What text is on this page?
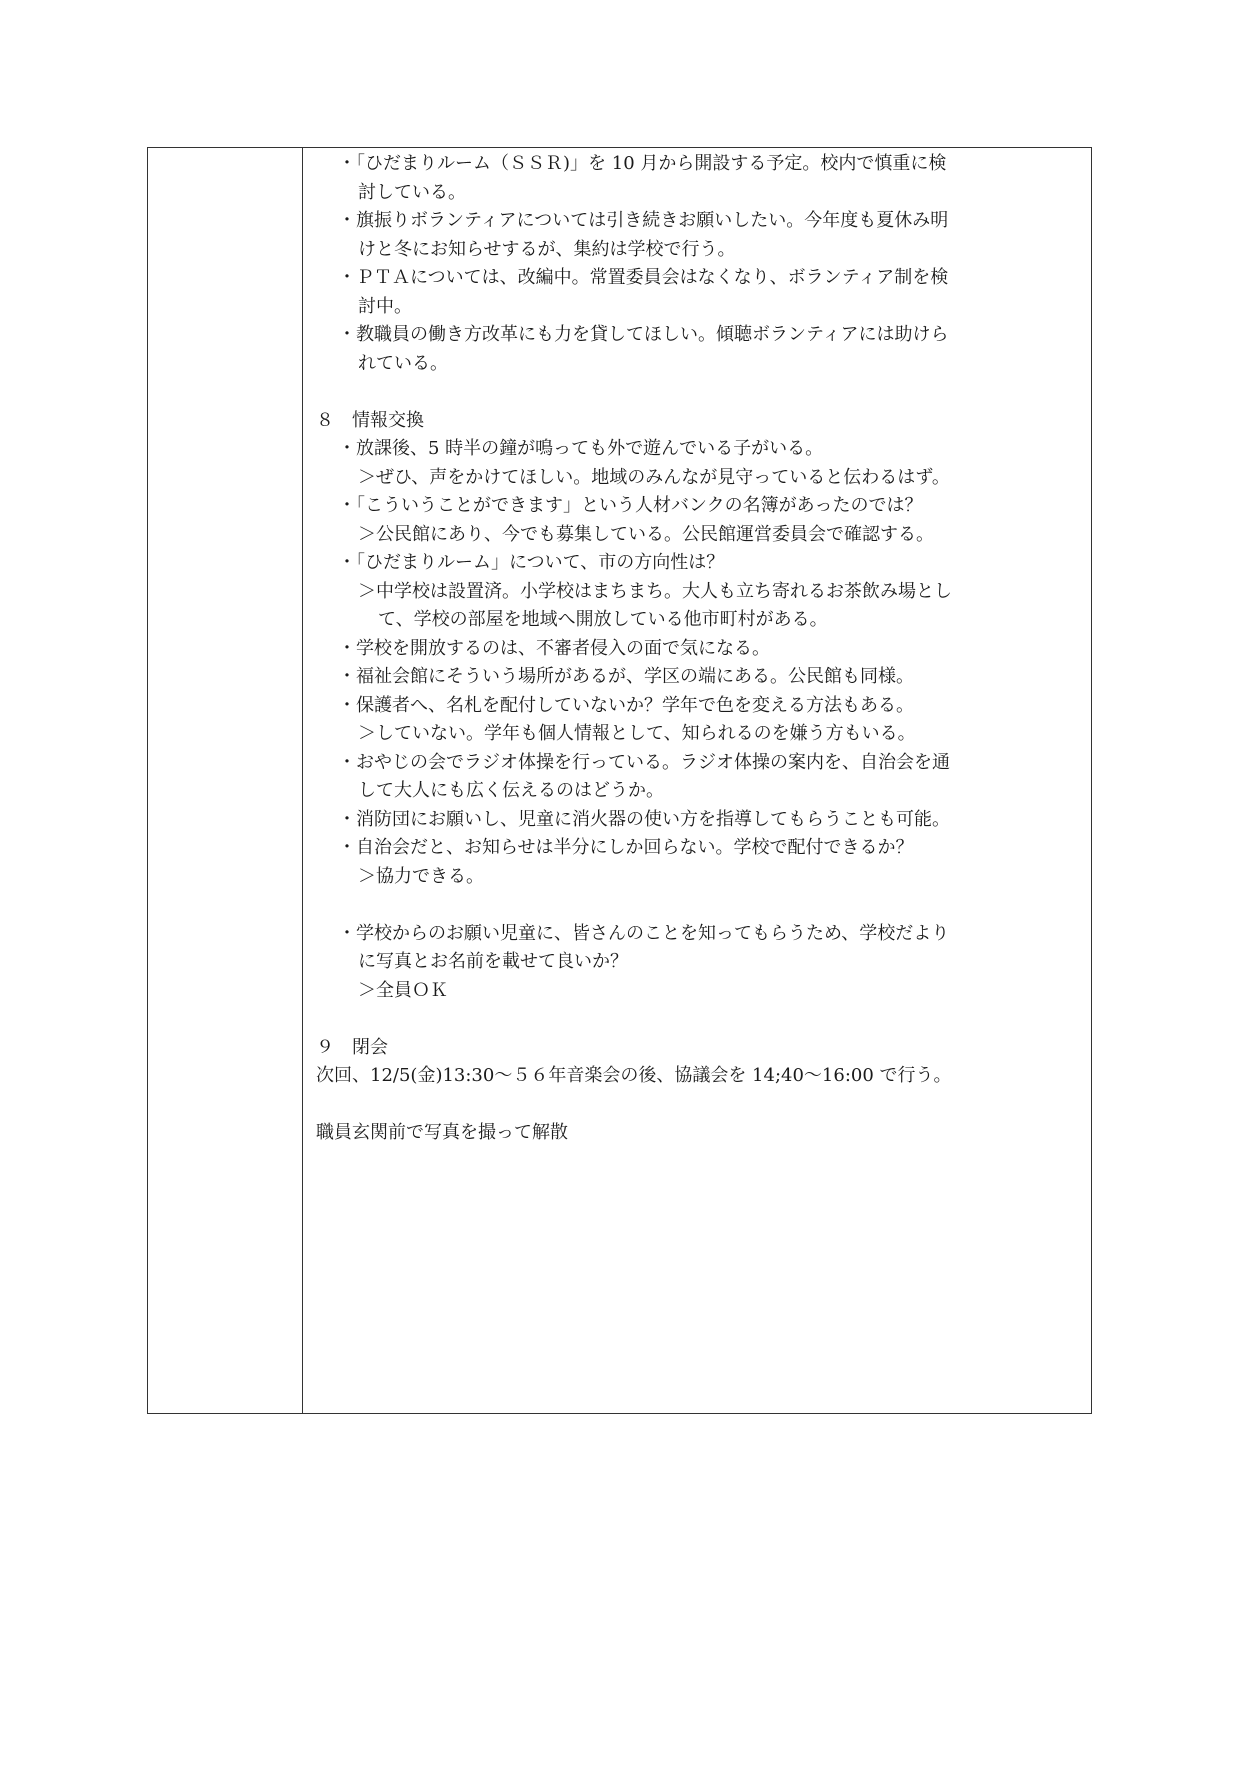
・「ひだまりルーム（ＳＳＲ)」を 10 月から開設する予定。校内で慎重に検
討している。
・旗振りボランティアについては引き続きお願いしたい。今年度も夏休み明
けと冬にお知らせするが、集約は学校で行う。
・ＰＴＡについては、改編中。常置委員会はなくなり、ボランティア制を検
討中。
・教職員の働き方改革にも力を貸してほしい。傾聴ボランティアには助けら
れている。
８　情報交換
・放課後、5 時半の鐘が鳴っても外で遊んでいる子がいる。
＞ぜひ、声をかけてほしい。地域のみんなが見守っていると伝わるはず。
・「こういうことができます」という人材バンクの名簿があったのでは？
＞公民館にあり、今でも募集している。公民館運営委員会で確認する。
・「ひだまりルーム」について、市の方向性は？
＞中学校は設置済。小学校はまちまち。大人も立ち寄れるお茶飲み場とし
て、学校の部屋を地域へ開放している他市町村がある。
・学校を開放するのは、不審者侵入の面で気になる。
・福祉会館にそういう場所があるが、学区の端にある。公民館も同様。
・保護者へ、名札を配付していないか？学年で色を変える方法もある。
＞していない。学年も個人情報として、知られるのを嫌う方もいる。
・おやじの会でラジオ体操を行っている。ラジオ体操の案内を、自治会を通
して大人にも広く伝えるのはどうか。
・消防団にお願いし、児童に消火器の使い方を指導してもらうことも可能。
・自治会だと、お知らせは半分にしか回らない。学校で配付できるか？
＞協力できる。
・学校からのお願い児童に、皆さんのことを知ってもらうため、学校だより
に写真とお名前を載せて良いか？
＞全員ＯＫ
９　閉会
次回、12/5(金)13:30～５６年音楽会の後、協議会を 14;40～16:00 で行う。
職員玄関前で写真を撮って解散
